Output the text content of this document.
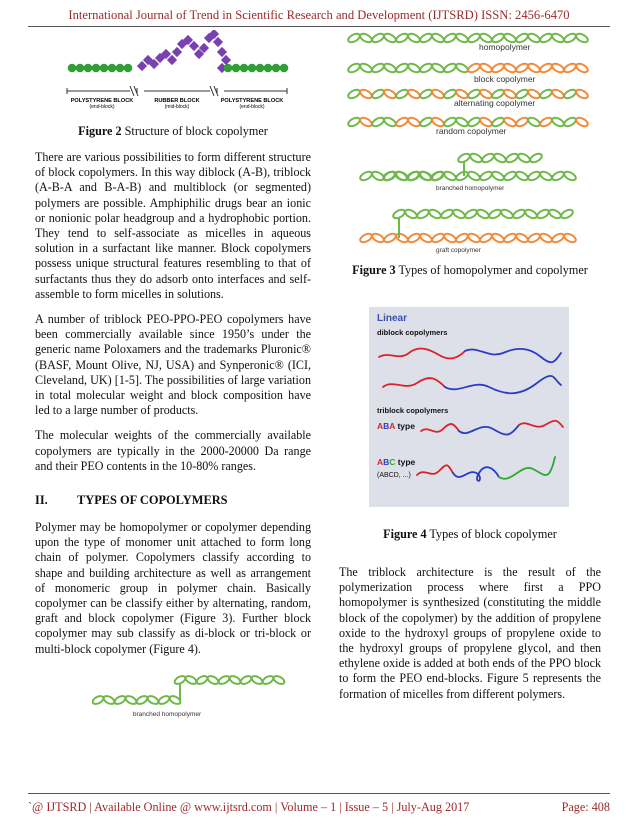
International Journal of Trend in Scientific Research and Development (IJTSRD) ISSN: 2456-6470
POLYSTYRENE BLOCK
(end-block)
RUBBER BLOCK
(mid-block)
POLYSTYRENE BLOCK
(end-block)
Figure 2 Structure of block copolymer

There are various possibilities to form different structure of block copolymers. In this way diblock (A-B), triblock (A-B-A and B-A-B) and multiblock (or segmented) polymers are possible. Amphiphilic drugs bear an ionic or nonionic polar headgroup and a hydrophobic portion. They tend to self-associate as micelles in aqueous solution in a surfactant like manner. Block copolymers possess unique structural features resembling to that of surfactants thus they do adsorb onto interfaces and self-assemble to form micelles in solutions.

A number of triblock PEO-PPO-PEO copolymers have been commercially available since 1950’s under the generic name Poloxamers and the trademarks Pluronic® (BASF, Mount Olive, NJ, USA) and Synperonic® (ICI, Cleveland, UK) [1-5]. The possibilities of large variation in total molecular weight and block composition have led to a large number of products.

The molecular weights of the commercially available copolymers are typically in the 2000-20000 Da range and their PEO contents in the 10-80% ranges.

II. TYPES OF COPOLYMERS

Polymer may be homopolymer or copolymer depending upon the type of monomer unit attached to form long chain of polymer. Copolymers classify according to shape and building architecture as well as arrangement of monomeric group in polymer chain. Basically copolymer can be classify either by alternating, random, graft and block copolymer (Figure 3). Further block copolymer may sub classify as di-block or tri-block or multi-block copolymer (Figure 4).

branched homopolymer
homopolymer
block copolymer
alternating copolymer
random copolymer
branched homopolymer
graft copolymer
Figure 3 Types of homopolymer and copolymer
Linear
diblock copolymers
triblock copolymers
ABA type
ABC type
(ABCD, ...)
Figure 4 Types of block copolymer

The triblock architecture is the result of the polymerization process where first a PPO homopolymer is synthesized (constituting the middle block of the copolymer) by the addition of propylene oxide to the hydroxyl groups of propylene oxide to the hydroxyl groups of propylene glycol, and then ethylene oxide is added at both ends of the PPO block to form the PEO end-blocks. Figure 5 represents the formation of micelles from different polymers.

`@ IJTSRD | Available Online @ www.ijtsrd.com | Volume – 1 | Issue – 5 | July-Aug 2017	Page: 408
